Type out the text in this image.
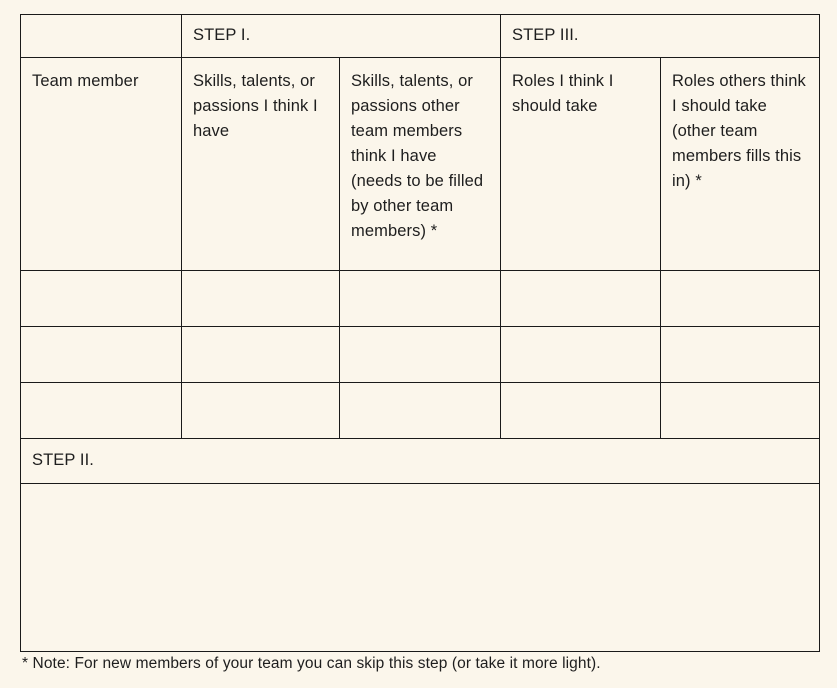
	STEP I.		STEP III.	
Team member	Skills, talents, or passions I think I have	Skills, talents, or passions other team members think I have (needs to be filled by other team members) *	Roles I think I should take	Roles others think I should take (other team members fills this in) *

STEP II.				

* Note: For new members of your team you can skip this step (or take it more light).
